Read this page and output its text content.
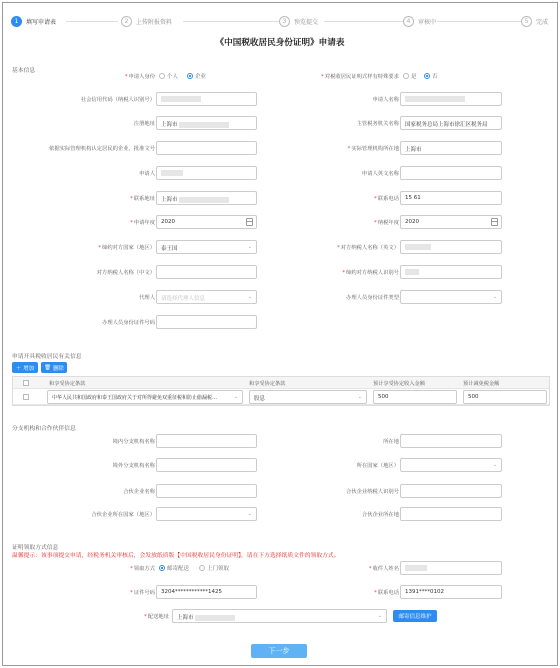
1	填写申请表	2	上传附报资料	3	预览提交	4	审核中	5	完成
《中国税收居民身份证明》申请表
基本信息
*申请人身份 个人	企业	*对税收居民证明式样有特殊要求 是	否
社会信用代码（纳税人识别号）	申请人名称
注册地址	上海市	主管税务机关名称	国家税务总局上海市徐汇区税务局
依据实际管理机构认定居民的企业，批准文号	*实际管理机构所在地	上海市
申请人	申请人英文名称
*联系地址	上海市	*联系电话	15 61
*申请年度	2020	*纳税年度	2020
*缔约对方国家（地区）	泰王国	⌄	*对方纳税人名称（英文）
对方纳税人名称（中文）	*缔约对方纳税人识别号
代理人	请选择代理人信息	⌄	办理人员身份证件类型	⌄
办理人员身份证件号码
申请开具税收居民有关信息
＋
增加 🗑
删除
和享受协定条款	和享受协定条款	预计享受协定收入金额	预计减免税金额
中华人民共和国政府和泰王国政府关于对所得避免双重征税和防止偷漏税…	⌄	股息	⌄	500	500
分支机构和合作伙伴信息
境内分支机构名称	所在地
境外分支机构名称	所在国家（地区）	⌄
合伙企业名称	合伙企业纳税人识别号
合伙企业所在国家（地区）	⌄	合伙企业所在地
证明领取方式信息
温馨提示：该事项提交申请，经税务机关审核后，会发放纸质版【中国税收居民身份证明】，请在下方选择纸质文件的领取方式。
*领取方式 邮寄配送	上门领取	*收件人姓名
*证件号码	3204************1425	*联系电话	1391****0102
*配送地址	上海市	⌄	邮寄信息维护
下一步
